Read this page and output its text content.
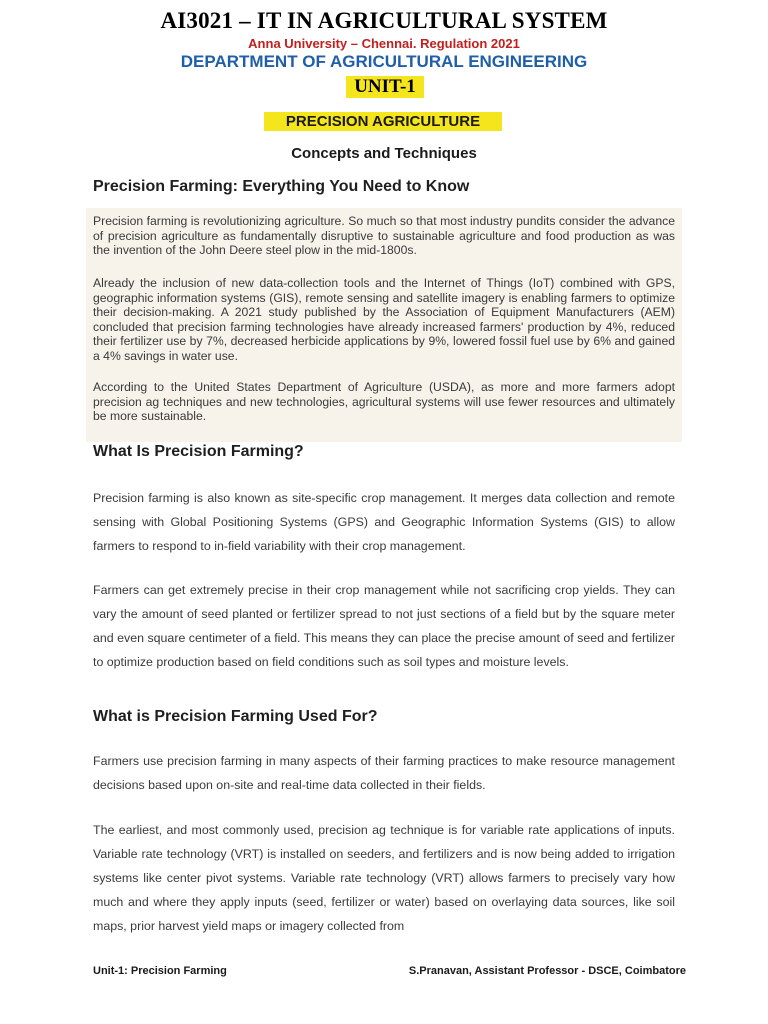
AI3021 – IT IN AGRICULTURAL SYSTEM
Anna University – Chennai. Regulation 2021
DEPARTMENT OF AGRICULTURAL ENGINEERING
UNIT-1
PRECISION AGRICULTURE
Concepts and Techniques
Precision Farming: Everything You Need to Know

Precision farming is revolutionizing agriculture. So much so that most industry pundits consider the advance of precision agriculture as fundamentally disruptive to sustainable agriculture and food production as was the invention of the John Deere steel plow in the mid-1800s.

Already the inclusion of new data-collection tools and the Internet of Things (IoT) combined with GPS, geographic information systems (GIS), remote sensing and satellite imagery is enabling farmers to optimize their decision-making. A 2021 study published by the Association of Equipment Manufacturers (AEM) concluded that precision farming technologies have already increased farmers' production by 4%, reduced their fertilizer use by 7%, decreased herbicide applications by 9%, lowered fossil fuel use by 6% and gained a 4% savings in water use.

According to the United States Department of Agriculture (USDA), as more and more farmers adopt precision ag techniques and new technologies, agricultural systems will use fewer resources and ultimately be more sustainable.

What Is Precision Farming?

Precision farming is also known as site-specific crop management. It merges data collection and remote sensing with Global Positioning Systems (GPS) and Geographic Information Systems (GIS) to allow farmers to respond to in-field variability with their crop management.

Farmers can get extremely precise in their crop management while not sacrificing crop yields. They can vary the amount of seed planted or fertilizer spread to not just sections of a field but by the square meter and even square centimeter of a field. This means they can place the precise amount of seed and fertilizer to optimize production based on field conditions such as soil types and moisture levels.

What is Precision Farming Used For?

Farmers use precision farming in many aspects of their farming practices to make resource management decisions based upon on-site and real-time data collected in their fields.

The earliest, and most commonly used, precision ag technique is for variable rate applications of inputs. Variable rate technology (VRT) is installed on seeders, and fertilizers and is now being added to irrigation systems like center pivot systems. Variable rate technology (VRT) allows farmers to precisely vary how much and where they apply inputs (seed, fertilizer or water) based on overlaying data sources, like soil maps, prior harvest yield maps or imagery collected from

Unit-1: Precision Farming	S.Pranavan, Assistant Professor - DSCE, Coimbatore
